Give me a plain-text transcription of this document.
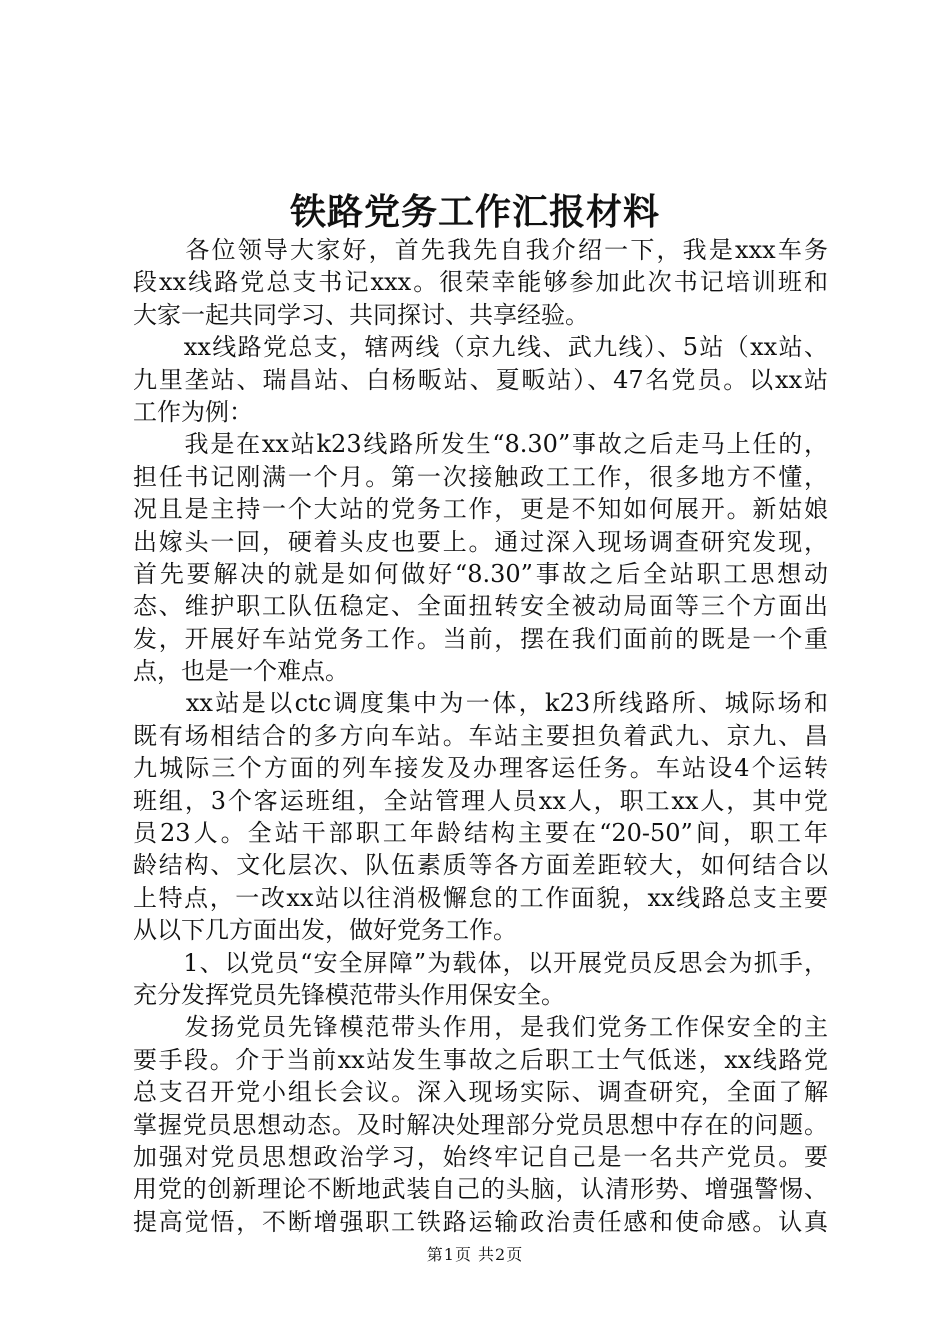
铁路党务工作汇报材料
　　各位领导大家好，首先我先自我介绍一下，我是xxx车务
段xx线路党总支书记xxx。很荣幸能够参加此次书记培训班和
大家一起共同学习、共同探讨、共享经验。
　　xx线路党总支，辖两线（京九线、武九线）、5站（xx站、
九里垄站、瑞昌站、白杨畈站、夏畈站）、47名党员。以xx站
工作为例：
　　我是在xx站k23线路所发生“8.30”事故之后走马上任的，
担任书记刚满一个月。第一次接触政工工作，很多地方不懂，
况且是主持一个大站的党务工作，更是不知如何展开。新姑娘
出嫁头一回，硬着头皮也要上。通过深入现场调查研究发现，
首先要解决的就是如何做好“8.30”事故之后全站职工思想动
态、维护职工队伍稳定、全面扭转安全被动局面等三个方面出
发，开展好车站党务工作。当前，摆在我们面前的既是一个重
点，也是一个难点。
　　xx站是以ctc调度集中为一体，k23所线路所、城际场和
既有场相结合的多方向车站。车站主要担负着武九、京九、昌
九城际三个方面的列车接发及办理客运任务。车站设4个运转
班组，3个客运班组，全站管理人员xx人，职工xx人，其中党
员23人。全站干部职工年龄结构主要在“20-50”间，职工年
龄结构、文化层次、队伍素质等各方面差距较大，如何结合以
上特点，一改xx站以往消极懈怠的工作面貌，xx线路总支主要
从以下几方面出发，做好党务工作。
　　1、以党员“安全屏障”为载体，以开展党员反思会为抓手，
充分发挥党员先锋模范带头作用保安全。
　　发扬党员先锋模范带头作用，是我们党务工作保安全的主
要手段。介于当前xx站发生事故之后职工士气低迷，xx线路党
总支召开党小组长会议。深入现场实际、调查研究，全面了解
掌握党员思想动态。及时解决处理部分党员思想中存在的问题。
加强对党员思想政治学习，始终牢记自己是一名共产党员。要
用党的创新理论不断地武装自己的头脑，认清形势、增强警惕、
提高觉悟，不断增强职工铁路运输政治责任感和使命感。认真
第1页 共2页
